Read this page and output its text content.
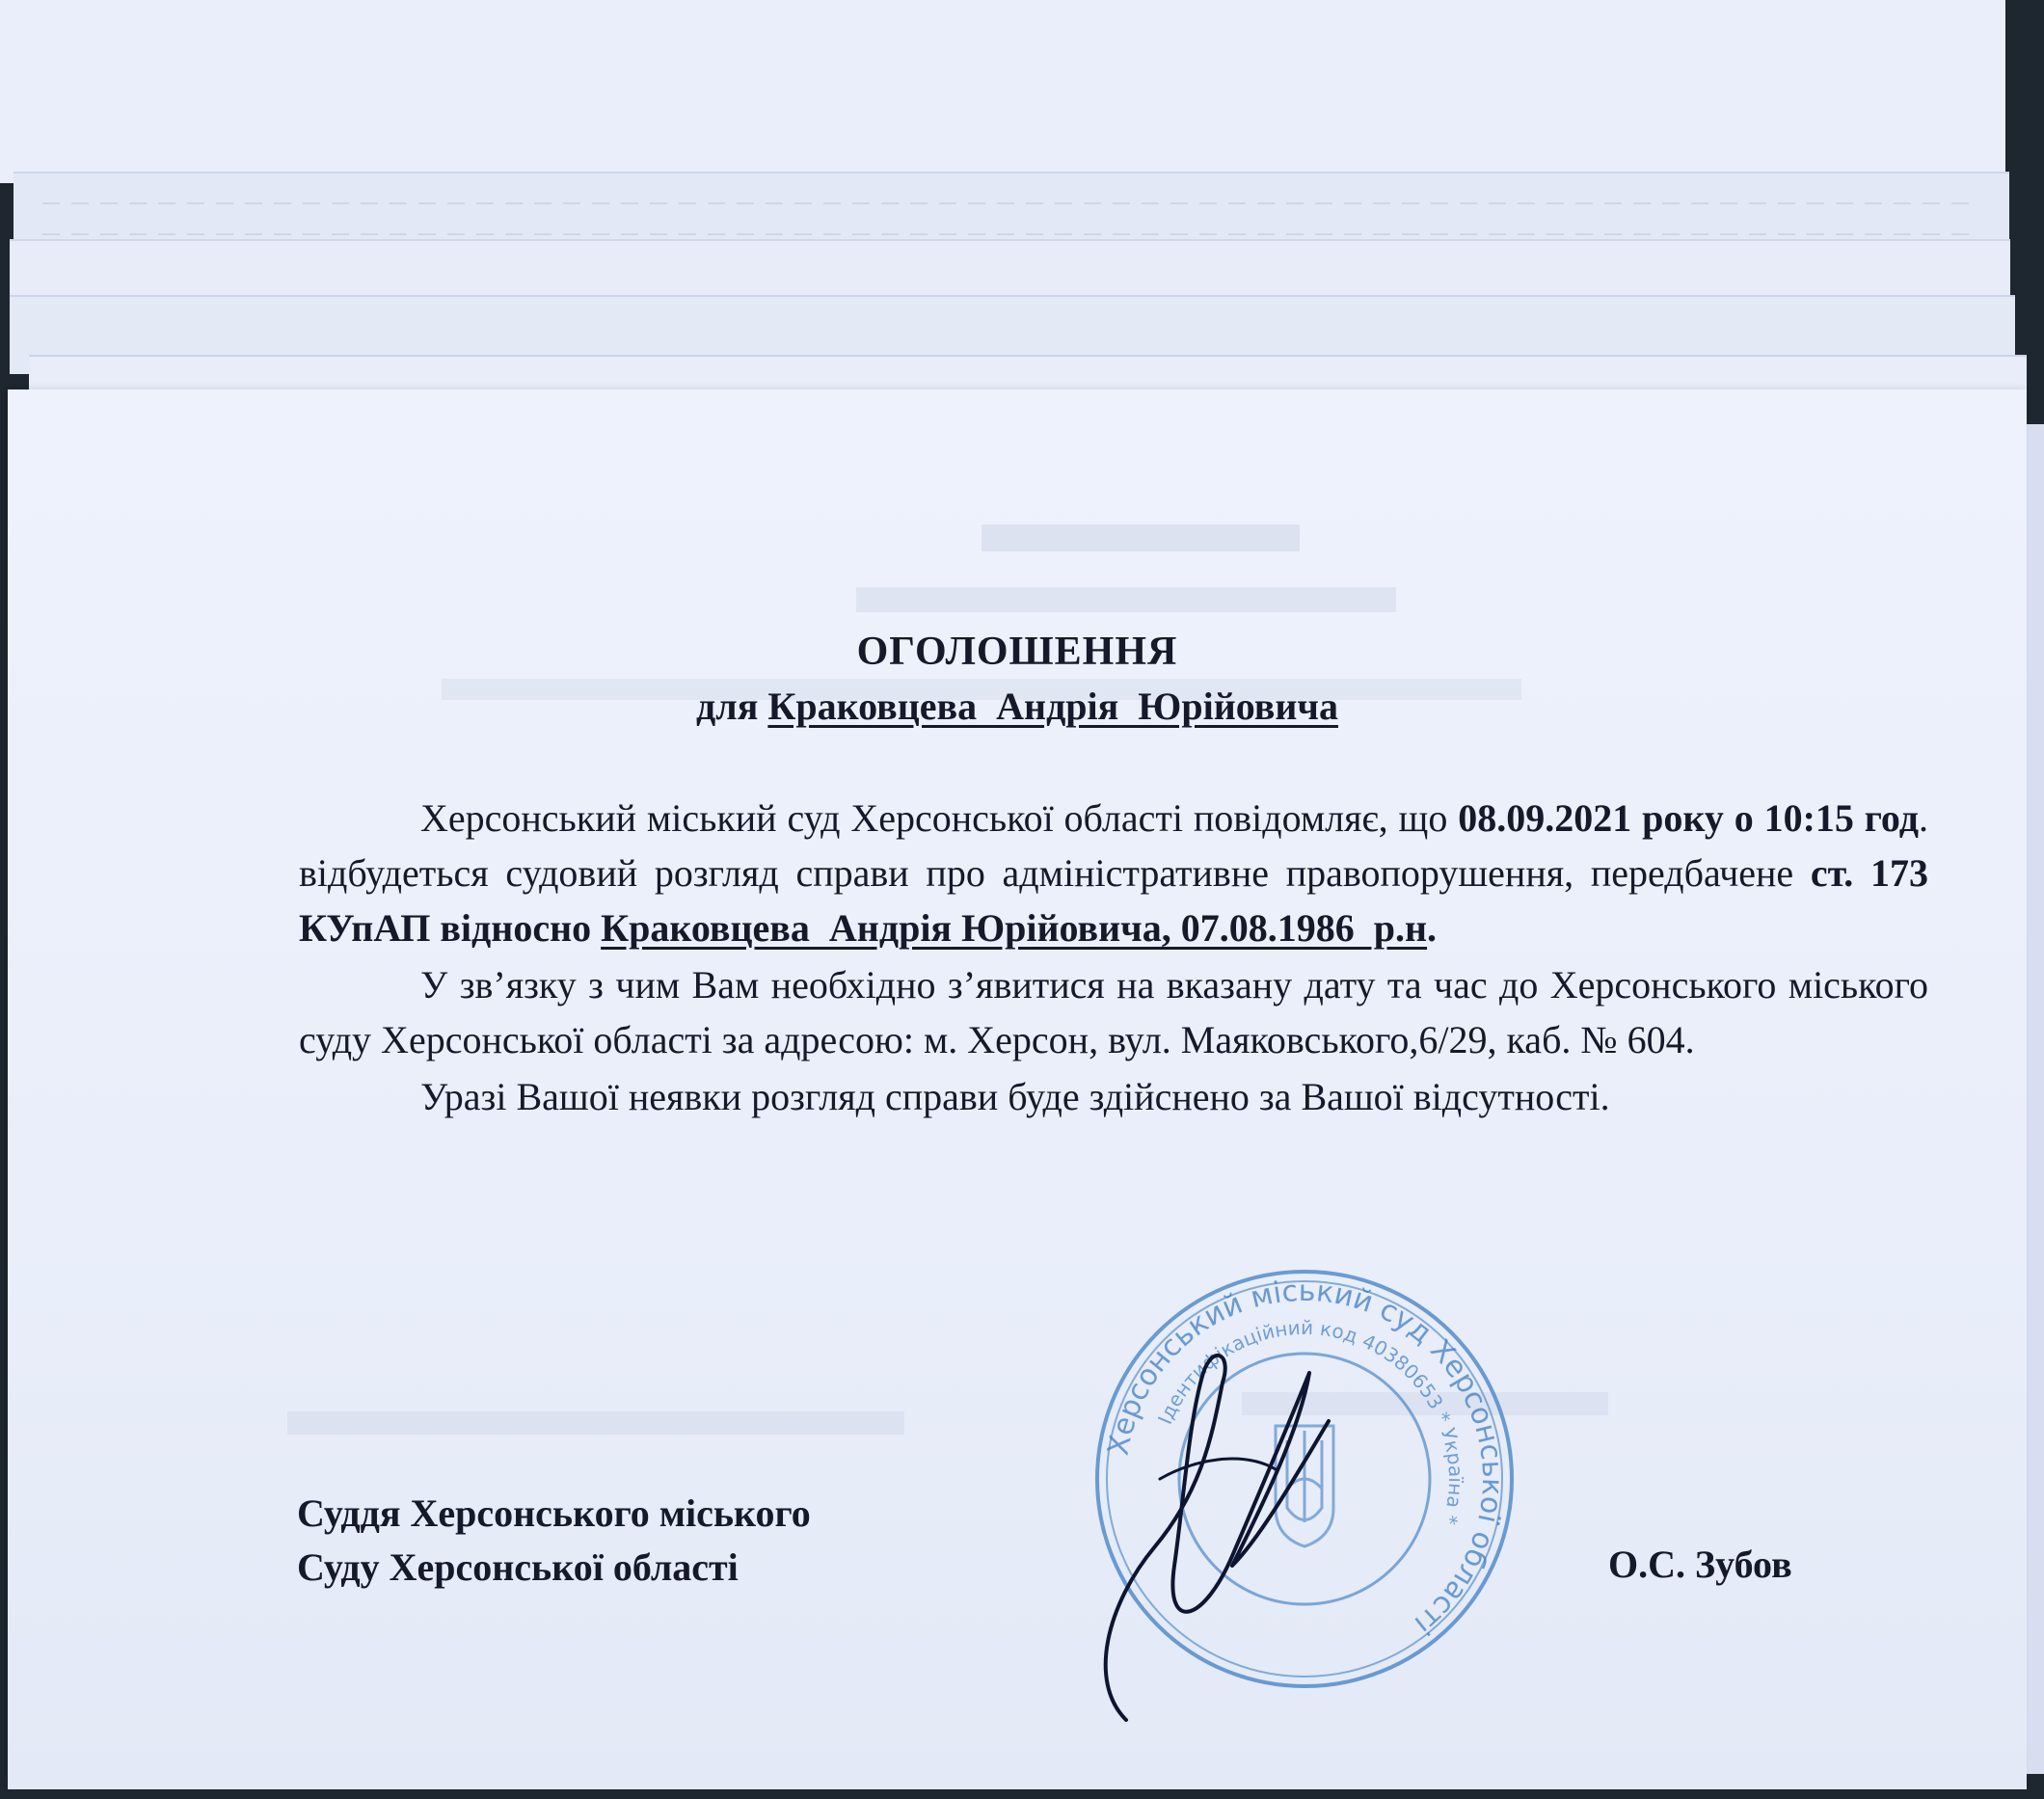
ОГОЛОШЕННЯ
для Краковцева  Андрія  Юрійовича

Херсонський міський суд Херсонської області повідомляє, що 08.09.2021 року о 10:15 год. відбудеться судовий розгляд справи про адміністративне правопорушення, передбачене ст. 173 КУпАП відносно Краковцева  Андрія Юрійовича, 07.08.1986  р.н.

У зв’язку з чим Вам необхідно з’явитися на вказану дату та час до Херсонського міського суду Херсонської області за адресою: м. Херсон, вул. Маяковського,6/29, каб. № 604.

Уразі Вашої неявки розгляд справи буде здійснено за Вашої відсутності.

Суддя Херсонського міського
Суду Херсонської області	О.С. Зубов
Херсонський міський суд Херсонської області
Ідентифікаційний код 40380653 * Україна *
